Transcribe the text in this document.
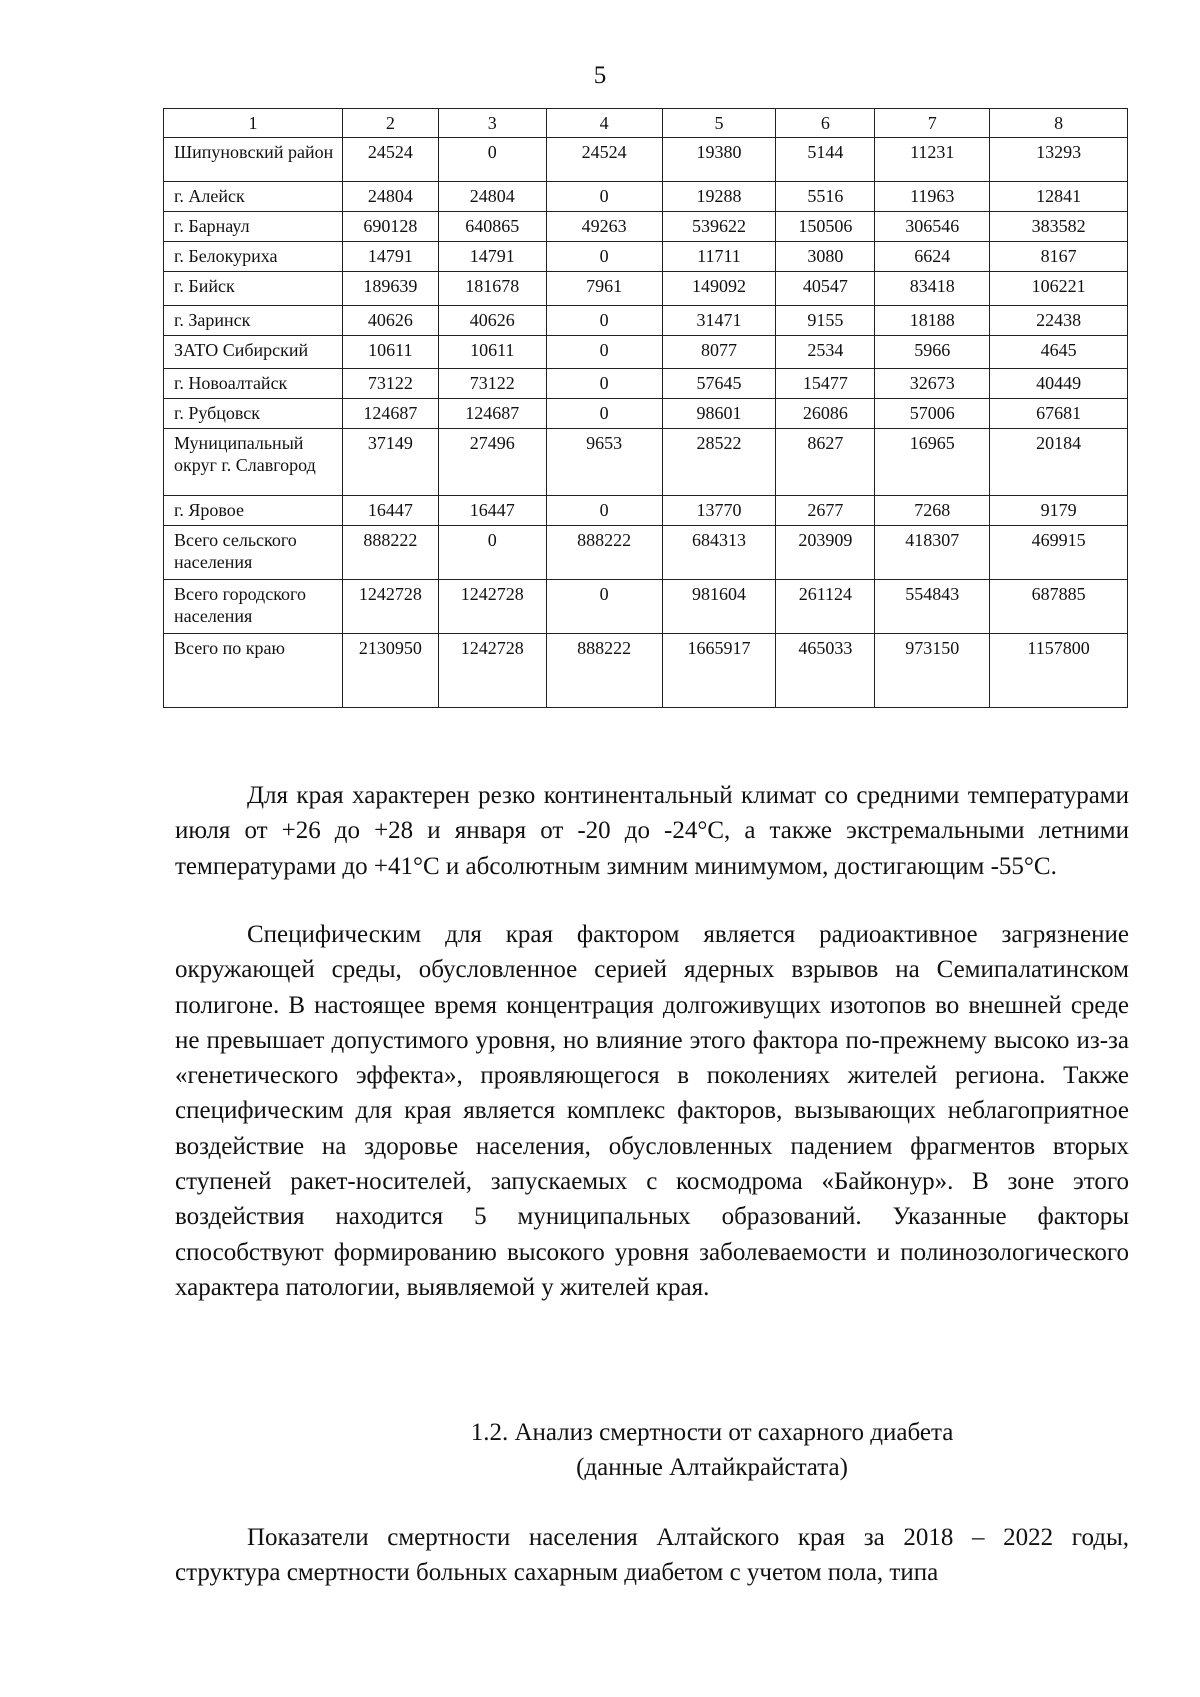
5
1	2	3	4	5	6	7	8
Шипуновский район	24524	0	24524	19380	5144	11231	13293
г. Алейск	24804	24804	0	19288	5516	11963	12841
г. Барнаул	690128	640865	49263	539622	150506	306546	383582
г. Белокуриха	14791	14791	0	11711	3080	6624	8167
г. Бийск	189639	181678	7961	149092	40547	83418	106221
г. Заринск	40626	40626	0	31471	9155	18188	22438
ЗАТО Сибирский	10611	10611	0	8077	2534	5966	4645
г. Новоалтайск	73122	73122	0	57645	15477	32673	40449
г. Рубцовск	124687	124687	0	98601	26086	57006	67681
Муниципальный округ г. Славгород	37149	27496	9653	28522	8627	16965	20184
г. Яровое	16447	16447	0	13770	2677	7268	9179
Всего сельского населения	888222	0	888222	684313	203909	418307	469915
Всего городского населения	1242728	1242728	0	981604	261124	554843	687885
Всего по краю	2130950	1242728	888222	1665917	465033	973150	1157800

Для края характерен резко континентальный климат со средними температурами июля от +26 до +28 и января от -20 до -24°С, а также экстремальными летними температурами до +41°С и абсолютным зимним минимумом, достигающим -55°С.

Специфическим для края фактором является радиоактивное загрязнение окружающей среды, обусловленное серией ядерных взрывов на Семипалатинском полигоне. В настоящее время концентрация долгоживущих изотопов во внешней среде не превышает допустимого уровня, но влияние этого фактора по-прежнему высоко из-за «генетического эффекта», проявляющегося в поколениях жителей региона. Также специфическим для края является комплекс факторов, вызывающих неблагоприятное воздействие на здоровье населения, обусловленных падением фрагментов вторых ступеней ракет-носителей, запускаемых с космодрома «Байконур». В зоне этого воздействия находится 5 муниципальных образований. Указанные факторы способствуют формированию высокого уровня заболеваемости и полинозологического характера патологии, выявляемой у жителей края.

1.2. Анализ смертности от сахарного диабета
(данные Алтайкрайстата)

Показатели смертности населения Алтайского края за 2018 – 2022 годы, структура смертности больных сахарным диабетом с учетом пола, типа
